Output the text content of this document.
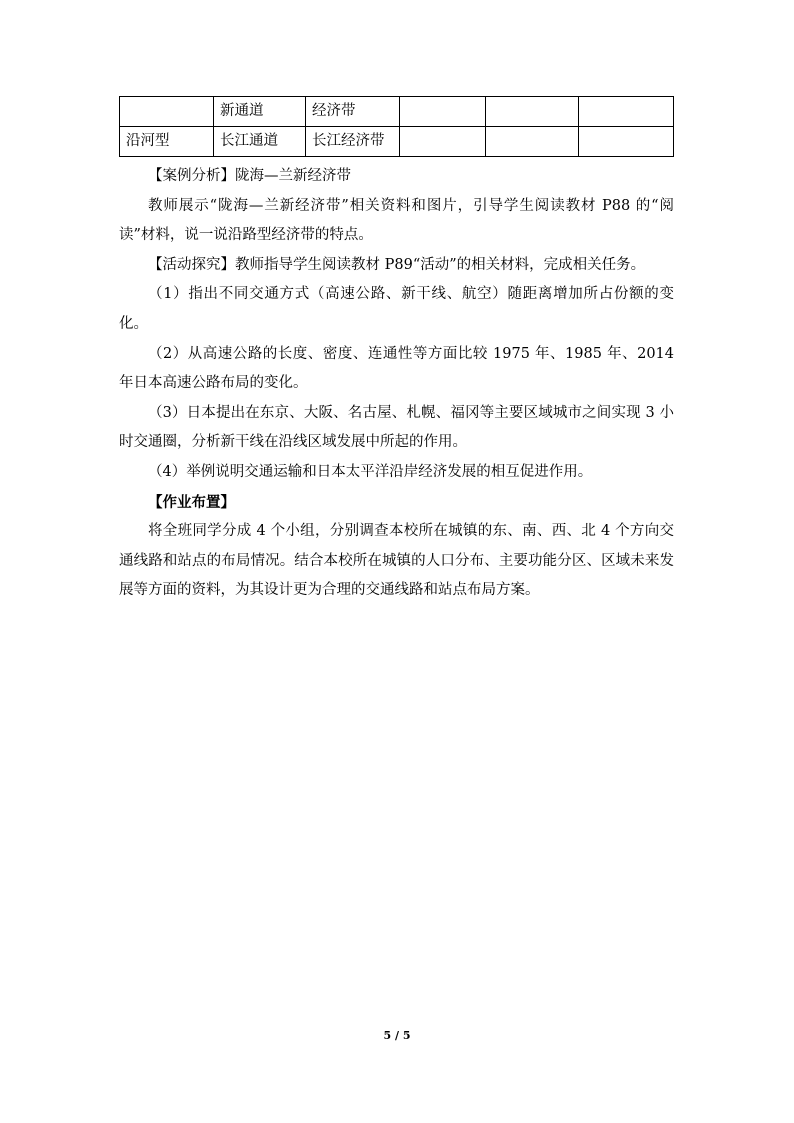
	新通道	经济带			
沿河型	长江通道	长江经济带			

【案例分析】陇海—兰新经济带

教师展示“陇海—兰新经济带”相关资料和图片，引导学生阅读教材 P88 的“阅读”材料，说一说沿路型经济带的特点。

【活动探究】教师指导学生阅读教材 P89“活动”的相关材料，完成相关任务。

（1）指出不同交通方式（高速公路、新干线、航空）随距离增加所占份额的变化。

（2）从高速公路的长度、密度、连通性等方面比较 1975 年、1985 年、2014 年日本高速公路布局的变化。

（3）日本提出在东京、大阪、名古屋、札幌、福冈等主要区域城市之间实现 3 小时交通圈，分析新干线在沿线区域发展中所起的作用。

（4）举例说明交通运输和日本太平洋沿岸经济发展的相互促进作用。

【作业布置】

将全班同学分成 4 个小组，分别调查本校所在城镇的东、南、西、北 4 个方向交通线路和站点的布局情况。结合本校所在城镇的人口分布、主要功能分区、区域未来发展等方面的资料，为其设计更为合理的交通线路和站点布局方案。

5 / 5
